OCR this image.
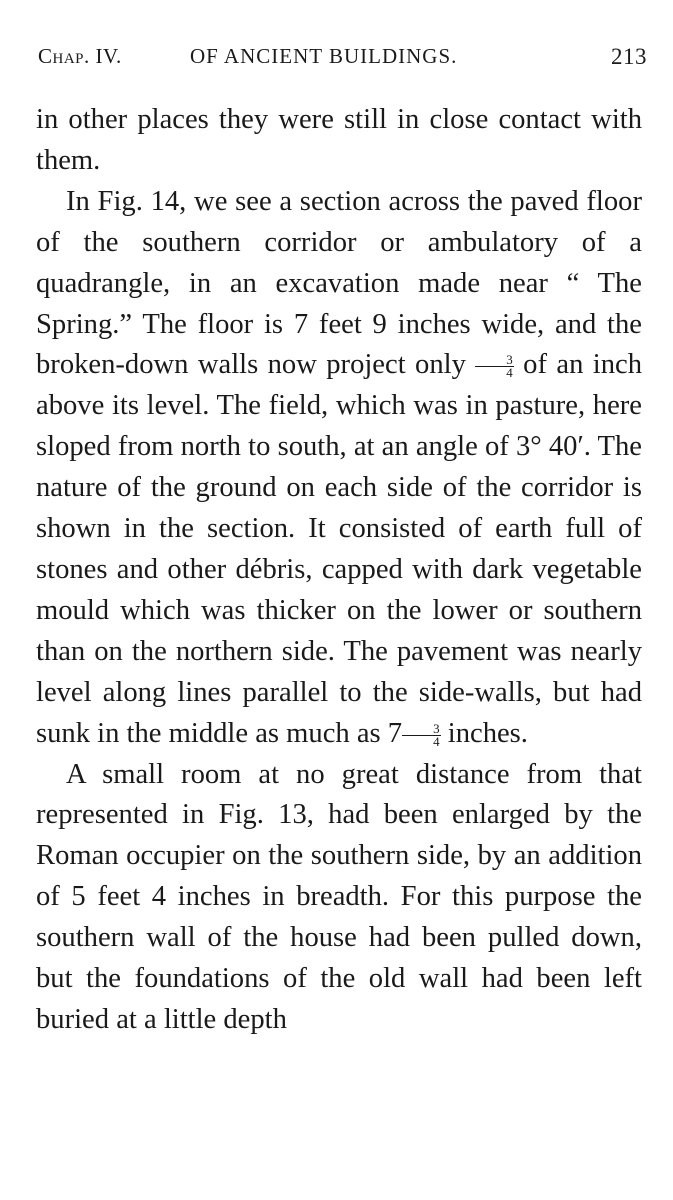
Chap. IV.	OF ANCIENT BUILDINGS.	213

in other places they were still in close contact with them.

In Fig. 14, we see a section across the paved floor of the southern corridor or ambulatory of a quadrangle, in an excavation made near “ The Spring.” The floor is 7 feet 9 inches wide, and the broken-down walls now project only $\frac{3}{4}$ of an inch above its level. The field, which was in pasture, here sloped from north to south, at an angle of 3° 40′. The nature of the ground on each side of the corridor is shown in the section. It consisted of earth full of stones and other débris, capped with dark vegetable mould which was thicker on the lower or southern than on the northern side. The pavement was nearly level along lines parallel to the side-walls, but had sunk in the middle as much as $7 \frac{3}{4}$ inches.

A small room at no great distance from that represented in Fig. 13, had been enlarged by the Roman occupier on the southern side, by an addition of 5 feet 4 inches in breadth. For this purpose the southern wall of the house had been pulled down, but the foundations of the old wall had been left buried at a little depth
